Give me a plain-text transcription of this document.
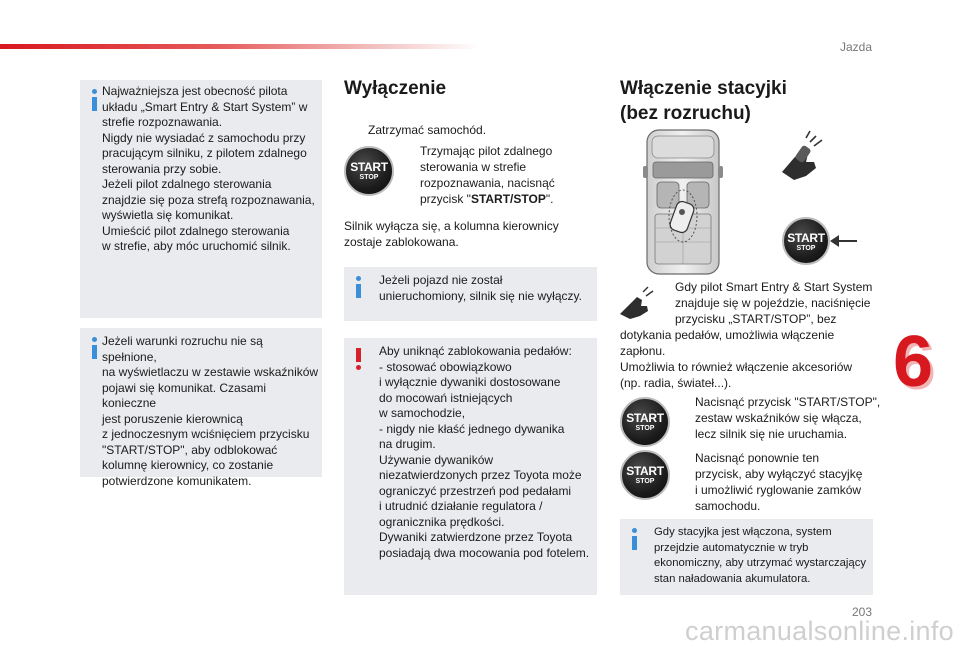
Jazda
Najważniejsza jest obecność pilota
układu „Smart Entry & Start System” w
strefie rozpoznawania.
Nigdy nie wysiadać z samochodu przy
pracującym silniku, z pilotem zdalnego
sterowania przy sobie.
Jeżeli pilot zdalnego sterowania
znajdzie się poza strefą rozpoznawania,
wyświetla się komunikat.
Umieścić pilot zdalnego sterowania
w strefie, aby móc uruchomić silnik.
Jeżeli warunki rozruchu nie są spełnione,
na wyświetlaczu w zestawie wskaźników
pojawi się komunikat. Czasami konieczne
jest poruszenie kierownicą
z jednoczesnym wciśnięciem przycisku
"START/STOP", aby odblokować
kolumnę kierownicy, co zostanie
potwierdzone komunikatem.
Wyłączenie
Zatrzymać samochód.
START
STOP
Trzymając pilot zdalnego
sterowania w strefie
rozpoznawania, nacisnąć
przycisk "START/STOP".
Silnik wyłącza się, a kolumna kierownicy
zostaje zablokowana.
Jeżeli pojazd nie został
unieruchomiony, silnik się nie wyłączy.
Aby uniknąć zablokowania pedałów:
- stosować obowiązkowo
i wyłącznie dywaniki dostosowane
do mocowań istniejących
w samochodzie,
- nigdy nie kłaść jednego dywanika
na drugim.
Używanie dywaników
niezatwierdzonych przez Toyota może
ograniczyć przestrzeń pod pedałami
i utrudnić działanie regulatora /
ogranicznika prędkości.
Dywaniki zatwierdzone przez Toyota
posiadają dwa mocowania pod fotelem.
Włączenie stacyjki
(bez rozruchu)
START
STOP
Gdy pilot Smart Entry & Start System
znajduje się w pojeździe, naciśnięcie
przycisku „START/STOP”, bez
dotykania pedałów, umożliwia włączenie
zapłonu.
Umożliwia to również włączenie akcesoriów
(np. radia, świateł...).
START
STOP
Nacisnąć przycisk "START/STOP",
zestaw wskaźników się włącza,
lecz silnik się nie uruchamia.
START
STOP
Nacisnąć ponownie ten
przycisk, aby wyłączyć stacyjkę
i umożliwić ryglowanie zamków
samochodu.
Gdy stacyjka jest włączona, system
przejdzie automatycznie w tryb
ekonomiczny, aby utrzymać wystarczający
stan naładowania akumulatora.
6
203
carmanualsonline.info
